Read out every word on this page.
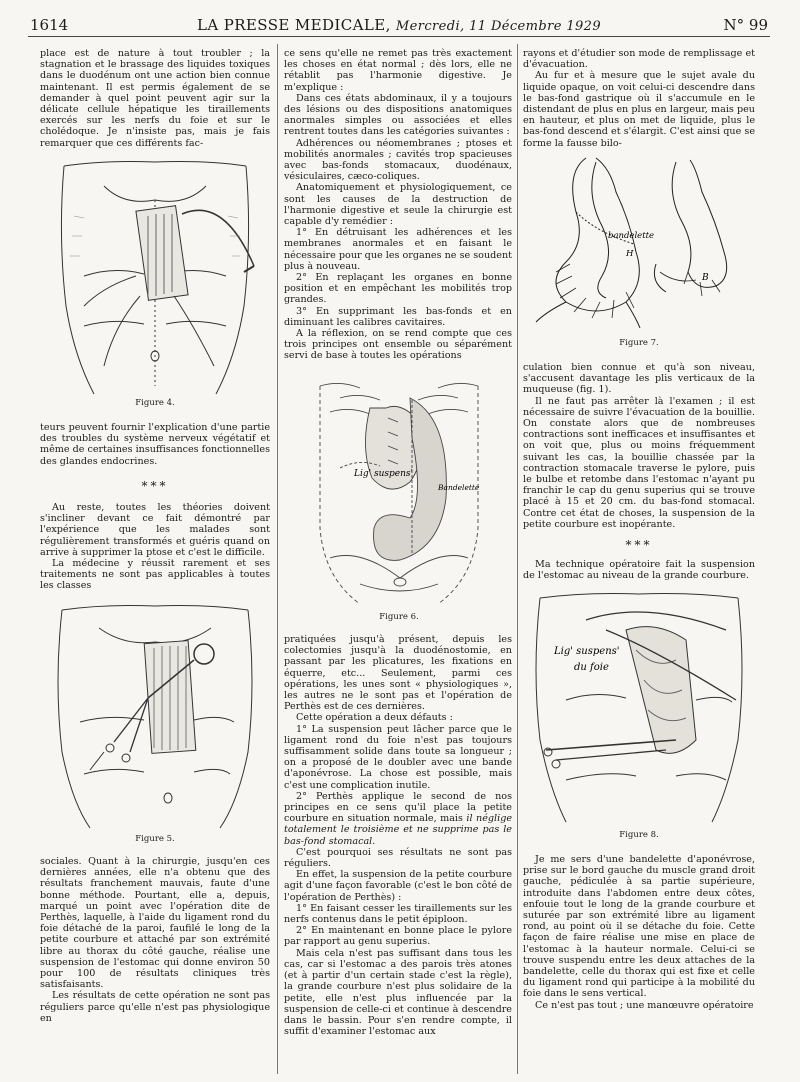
1614	LA PRESSE MEDICALE, Mercredi, 11 Décembre 1929	N° 99

place est de nature à tout troubler ; la stagnation et le brassage des liquides toxiques dans le duodénum ont une action bien connue maintenant. Il est permis également de se demander à quel point peuvent agir sur la délicate cellule hépatique les tiraillements exercés sur les nerfs du foie et sur le cholédoque. Je n'insiste pas, mais je fais remarquer que ces différents fac-

Figure 4.

teurs peuvent fournir l'explication d'une partie des troubles du système nerveux végétatif et même de certaines insuffisances fonctionnelles des glandes endocrines.

***

Au reste, toutes les théories doivent s'incliner devant ce fait démontré par l'expérience que les malades sont régulièrement transformés et guéris quand on arrive à supprimer la ptose et c'est le difficile.

La médecine y réussit rarement et ses traitements ne sont pas applicables à toutes les classes

Figure 5.

sociales. Quant à la chirurgie, jusqu'en ces dernières années, elle n'a obtenu que des résultats franchement mauvais, faute d'une bonne méthode. Pourtant, elle a, depuis, marqué un point avec l'opération dite de Perthès, laquelle, à l'aide du ligament rond du foie détaché de la paroi, faufilé le long de la petite courbure et attaché par son extrémité libre au thorax du côté gauche, réalise une suspension de l'estomac qui donne environ 50 pour 100 de résultats cliniques très satisfaisants.

Les résultats de cette opération ne sont pas réguliers parce qu'elle n'est pas physiologique en

ce sens qu'elle ne remet pas très exactement les choses en état normal ; dès lors, elle ne rétablit pas l'harmonie digestive. Je m'explique :

Dans ces états abdominaux, il y a toujours des lésions ou des dispositions anatomiques anormales simples ou associées et elles rentrent toutes dans les catégories suivantes :

Adhérences ou néomembranes ; ptoses et mobilités anormales ; cavités trop spacieuses avec bas-fonds stomacaux, duodénaux, vésiculaires, cæco-coliques.

Anatomiquement et physiologiquement, ce sont les causes de la destruction de l'harmonie digestive et seule la chirurgie est capable d'y remédier :

1° En détruisant les adhérences et les membranes anormales et en faisant le nécessaire pour que les organes ne se soudent plus à nouveau.

2° En replaçant les organes en bonne position et en empêchant les mobilités trop grandes.

3° En supprimant les bas-fonds et en diminuant les calibres cavitaires.

A la réflexion, on se rend compte que ces trois principes ont ensemble ou séparément servi de base à toutes les opérations

Lig' suspens'
Bandelette
Figure 6.

pratiquées jusqu'à présent, depuis les colectomies jusqu'à la duodénostomie, en passant par les plicatures, les fixations en équerre, etc... Seulement, parmi ces opérations, les unes sont « physiologiques », les autres ne le sont pas et l'opération de Perthès est de ces dernières.

Cette opération a deux défauts :

1° La suspension peut lâcher parce que le ligament rond du foie n'est pas toujours suffisamment solide dans toute sa longueur ; on a proposé de le doubler avec une bande d'aponévrose. La chose est possible, mais c'est une complication inutile.

2° Perthès applique le second de nos principes en ce sens qu'il place la petite courbure en situation normale, mais il néglige totalement le troisième et ne supprime pas le bas-fond stomacal.

C'est pourquoi ses résultats ne sont pas réguliers.

En effet, la suspension de la petite courbure agit d'une façon favorable (c'est le bon côté de l'opération de Perthès) :

1° En faisant cesser les tiraillements sur les nerfs contenus dans le petit épiploon.

2° En maintenant en bonne place le pylore par rapport au genu superius.

Mais cela n'est pas suffisant dans tous les cas, car si l'estomac a des parois très atones (et à partir d'un certain stade c'est la règle), la grande courbure n'est plus solidaire de la petite, elle n'est plus influencée par la suspension de celle-ci et continue à descendre dans le bassin. Pour s'en rendre compte, il suffit d'examiner l'estomac aux

rayons et d'étudier son mode de remplissage et d'évacuation.

Au fur et à mesure que le sujet avale du liquide opaque, on voit celui-ci descendre dans le bas-fond gastrique où il s'accumule en le distendant de plus en plus en largeur, mais peu en hauteur, et plus on met de liquide, plus le bas-fond descend et s'élargit. C'est ainsi que se forme la fausse bilo-

bandelette
H
B
Figure 7.

culation bien connue et qu'à son niveau, s'accusent davantage les plis verticaux de la muqueuse (fig. 1).

Il ne faut pas arrêter là l'examen ; il est nécessaire de suivre l'évacuation de la bouillie. On constate alors que de nombreuses contractions sont inefficaces et insuffisantes et on voit que, plus ou moins fréquemment suivant les cas, la bouillie chassée par la contraction stomacale traverse le pylore, puis le bulbe et retombe dans l'estomac n'ayant pu franchir le cap du genu superius qui se trouve placé à 15 et 20 cm. du bas-fond stomacal. Contre cet état de choses, la suspension de la petite courbure est inopérante.

***

Ma technique opératoire fait la suspension de l'estomac au niveau de la grande courbure.

Lig' suspens'
du foie
Figure 8.

Je me sers d'une bandelette d'aponévrose, prise sur le bord gauche du muscle grand droit gauche, pédiculée à sa partie supérieure, introduite dans l'abdomen entre deux côtes, enfouie tout le long de la grande courbure et suturée par son extrémité libre au ligament rond, au point où il se détache du foie. Cette façon de faire réalise une mise en place de l'estomac à la hauteur normale. Celui-ci se trouve suspendu entre les deux attaches de la bandelette, celle du thorax qui est fixe et celle du ligament rond qui participe à la mobilité du foie dans le sens vertical.

Ce n'est pas tout ; une manœuvre opératoire
